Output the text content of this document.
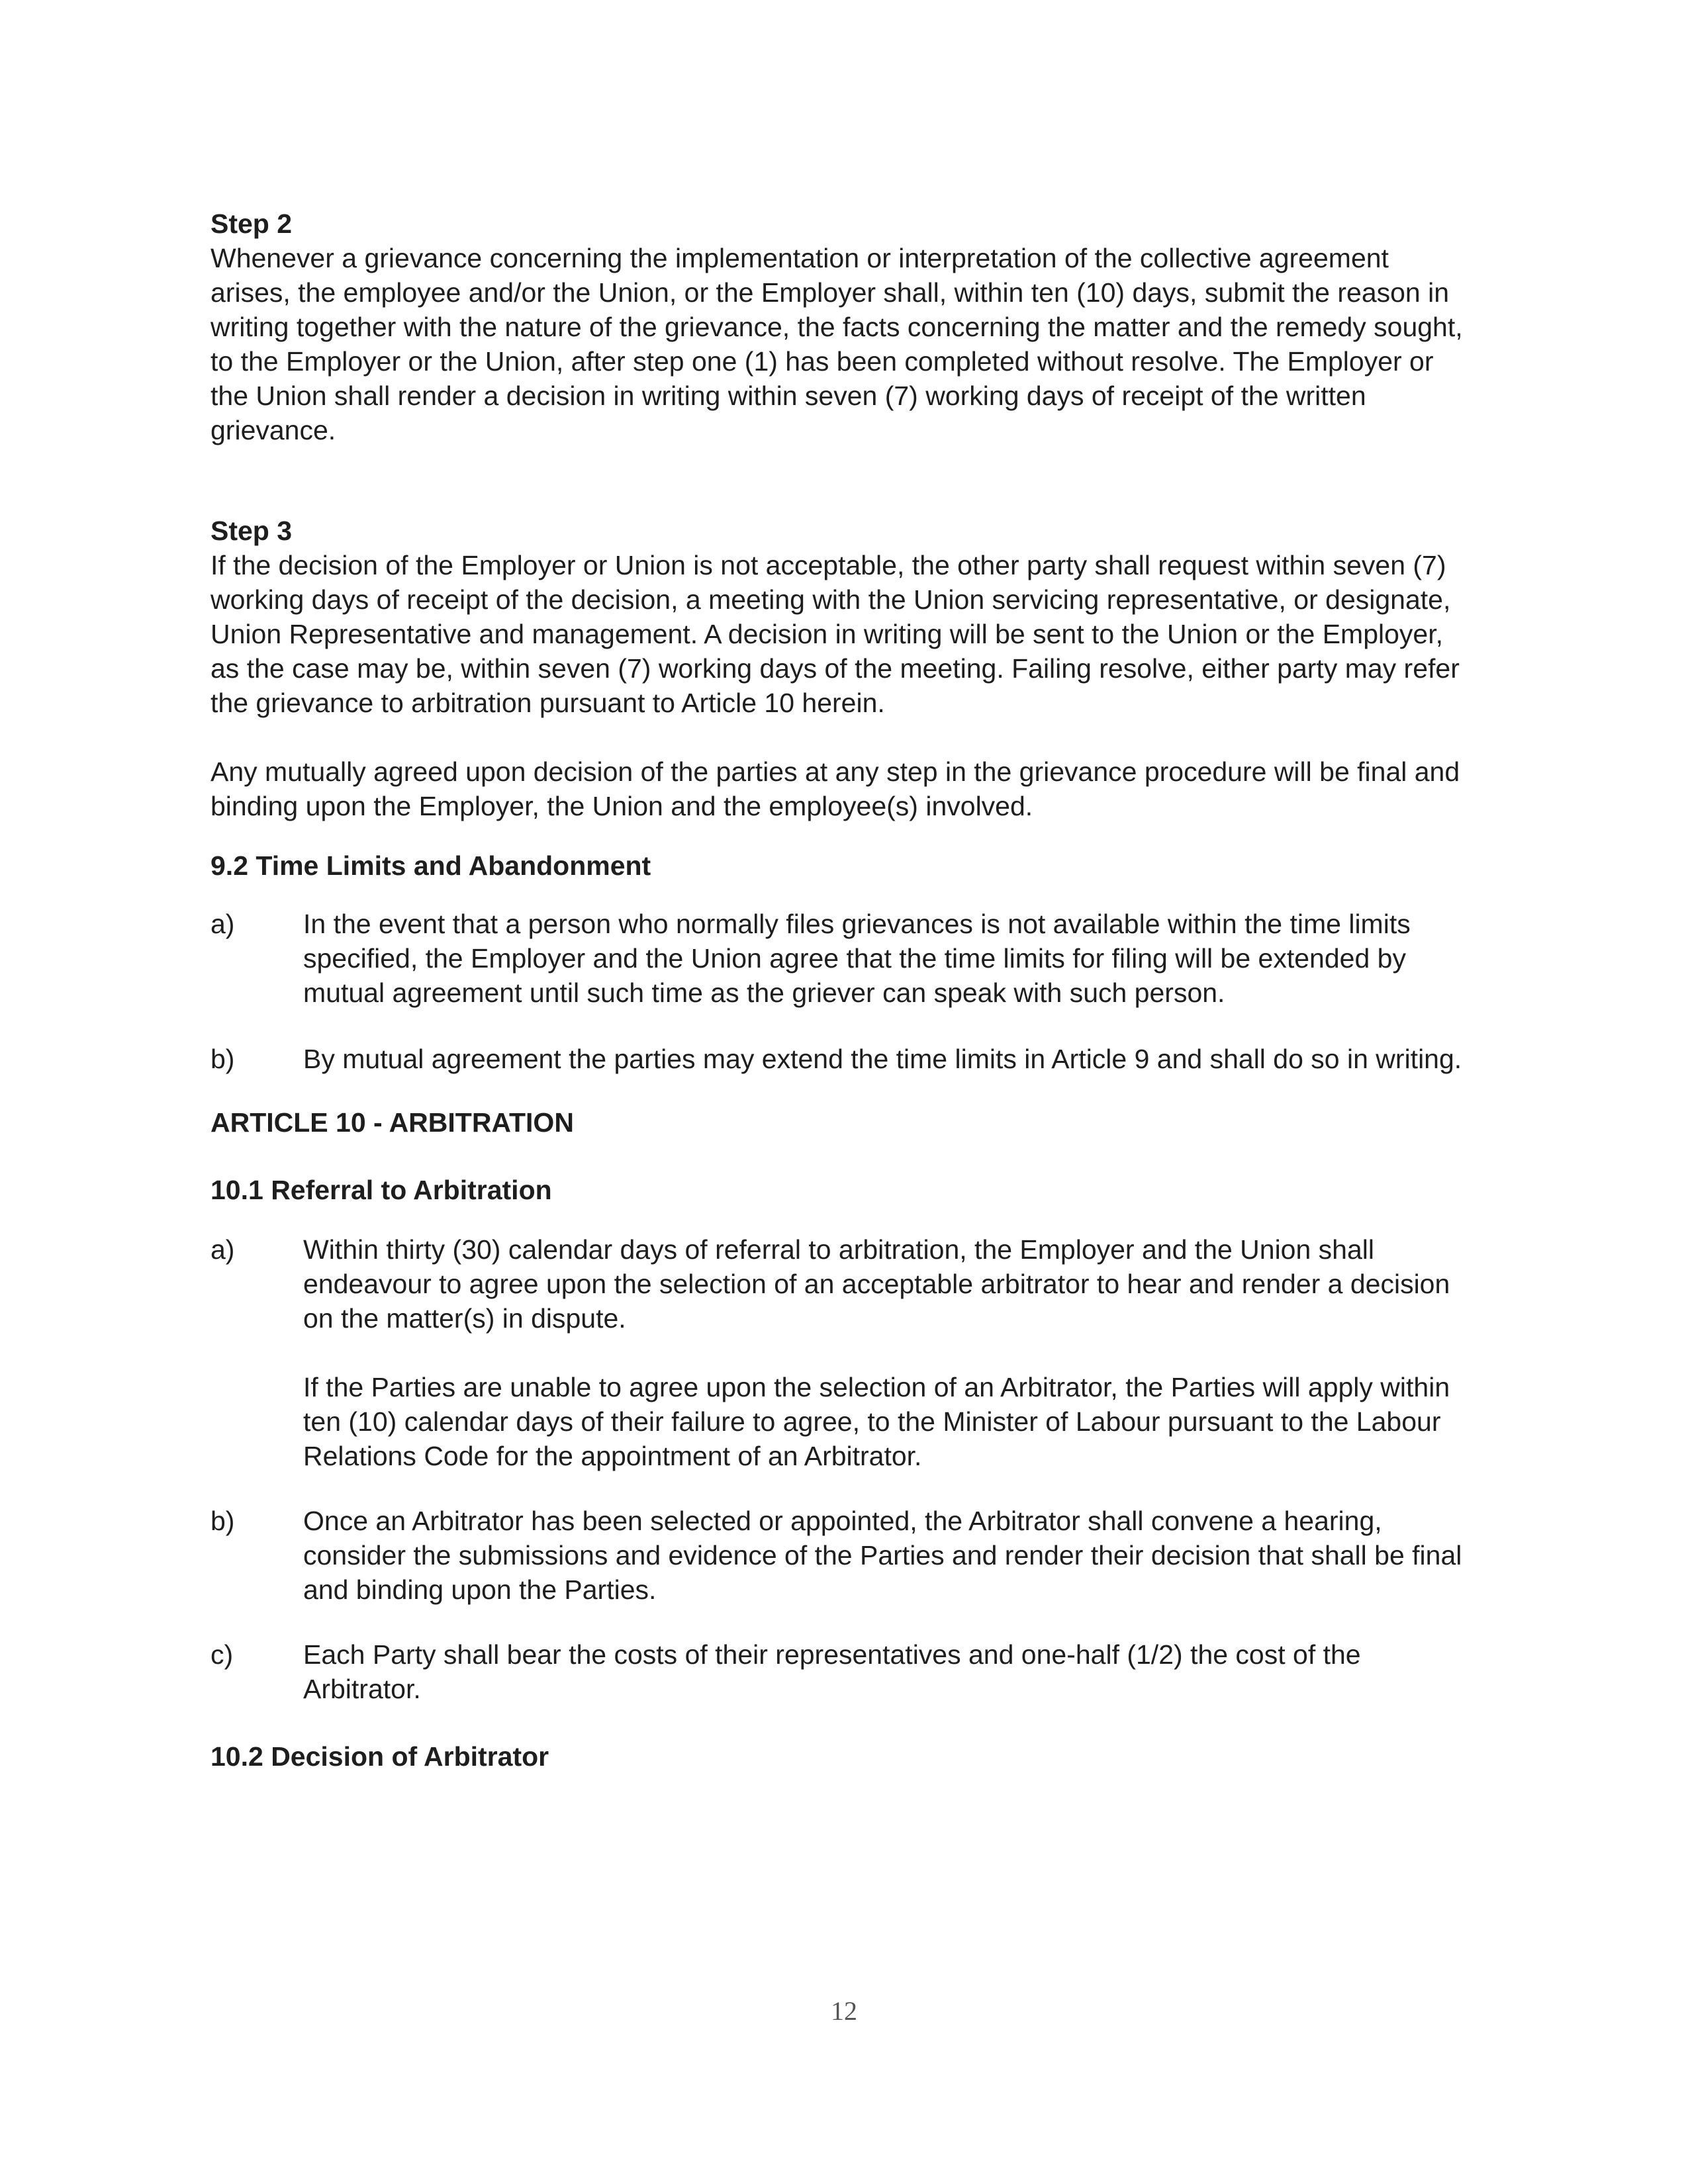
Step 2

Whenever a grievance concerning the implementation or interpretation of the collective agreement arises, the employee and/or the Union, or the Employer shall, within ten (10) days, submit the reason in writing together with the nature of the grievance, the facts concerning the matter and the remedy sought, to the Employer or the Union, after step one (1) has been completed without resolve. The Employer or the Union shall render a decision in writing within seven (7) working days of receipt of the written grievance.

Step 3

If the decision of the Employer or Union is not acceptable, the other party shall request within seven (7) working days of receipt of the decision, a meeting with the Union servicing representative, or designate, Union Representative and management. A decision in writing will be sent to the Union or the Employer, as the case may be, within seven (7) working days of the meeting. Failing resolve, either party may refer the grievance to arbitration pursuant to Article 10 herein.

Any mutually agreed upon decision of the parties at any step in the grievance procedure will be final and binding upon the Employer, the Union and the employee(s) involved.

9.2 Time Limits and Abandonment
a)	In the event that a person who normally files grievances is not available within the time limits specified, the Employer and the Union agree that the time limits for filing will be extended by mutual agreement until such time as the griever can speak with such person.
b)	By mutual agreement the parties may extend the time limits in Article 9 and shall do so in writing.
ARTICLE 10 - ARBITRATION
10.1 Referral to Arbitration
a)	Within thirty (30) calendar days of referral to arbitration, the Employer and the Union shall endeavour to agree upon the selection of an acceptable arbitrator to hear and render a decision on the matter(s) in dispute.
If the Parties are unable to agree upon the selection of an Arbitrator, the Parties will apply within ten (10) calendar days of their failure to agree, to the Minister of Labour pursuant to the Labour Relations Code for the appointment of an Arbitrator.
b)	Once an Arbitrator has been selected or appointed, the Arbitrator shall convene a hearing, consider the submissions and evidence of the Parties and render their decision that shall be final and binding upon the Parties.
c)	Each Party shall bear the costs of their representatives and one-half (1/2) the cost of the Arbitrator.
10.2 Decision of Arbitrator
12
